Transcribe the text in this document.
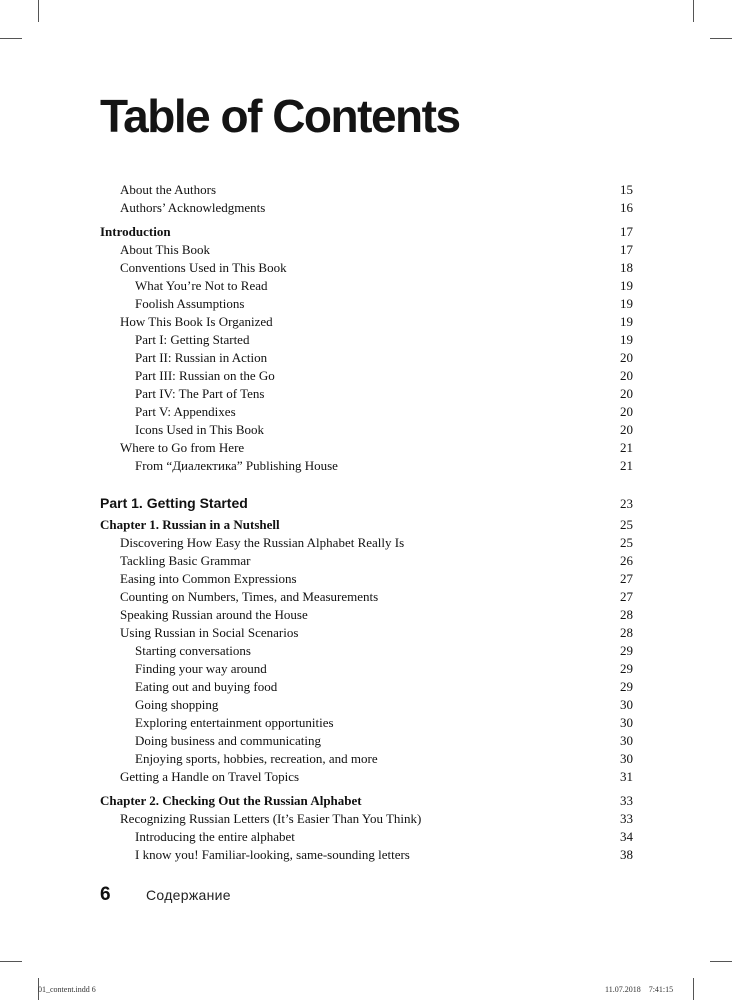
Table of Contents
About the Authors	15
Authors’ Acknowledgments	16
Introduction	17
About This Book	17
Conventions Used in This Book	18
What You’re Not to Read	19
Foolish Assumptions	19
How This Book Is Organized	19
Part I: Getting Started	19
Part II: Russian in Action	20
Part III: Russian on the Go	20
Part IV: The Part of Tens	20
Part V: Appendixes	20
Icons Used in This Book	20
Where to Go from Here	21
From “Диалектика” Publishing House	21
Part 1. Getting Started	23
Chapter 1. Russian in a Nutshell	25
Discovering How Easy the Russian Alphabet Really Is	25
Tackling Basic Grammar	26
Easing into Common Expressions	27
Counting on Numbers, Times, and Measurements	27
Speaking Russian around the House	28
Using Russian in Social Scenarios	28
Starting conversations	29
Finding your way around	29
Eating out and buying food	29
Going shopping	30
Exploring entertainment opportunities	30
Doing business and communicating	30
Enjoying sports, hobbies, recreation, and more	30
Getting a Handle on Travel Topics	31
Chapter 2. Checking Out the Russian Alphabet	33
Recognizing Russian Letters (It’s Easier Than You Think)	33
Introducing the entire alphabet	34
I know you! Familiar-looking, same-sounding letters	38
6	Содержание
01_content.indd 6	11.07.2018 7:41:15
